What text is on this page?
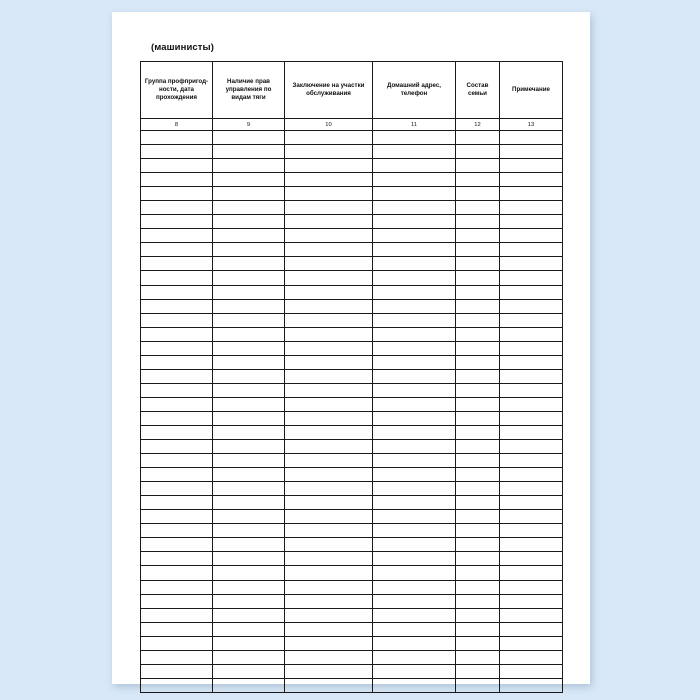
(машинисты)
Группа профпригод-ности, дата прохождения	Наличие прав управления по видам тяги	Заключение на участки обслуживания	Домашний адрес, телефон	Состав семьи	Примечание
8	9	10	11	12	13
